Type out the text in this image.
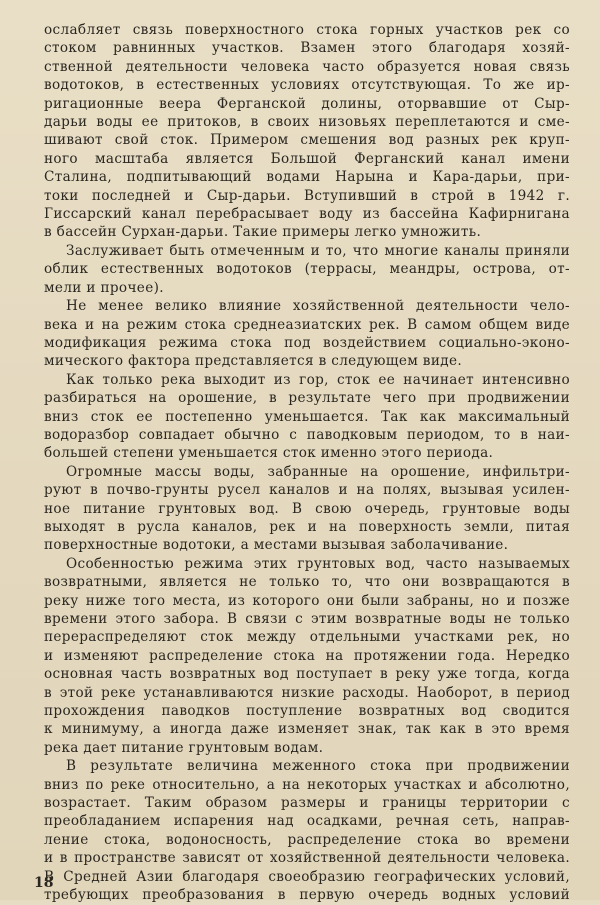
ослабляет связь поверхностного стока горных участков рек со
стоком равнинных участков. Взамен этого благодаря хозяй-
ственной деятельности человека часто образуется новая связь
водотоков, в естественных условиях отсутствующая. То же ир-
ригационные веера Ферганской долины, оторвавшие от Сыр-
дарьи воды ее притоков, в своих низовьях переплетаются и сме-
шивают свой сток. Примером смешения вод разных рек круп-
ного масштаба является Большой Ферганский канал имени
Сталина, подпитывающий водами Нарына и Кара-дарьи, при-
токи последней и Сыр-дарьи. Вступивший в строй в 1942 г.
Гиссарский канал перебрасывает воду из бассейна Кафирнигана
в бассейн Сурхан-дарьи. Такие примеры легко умножить.
Заслуживает быть отмеченным и то, что многие каналы приняли
облик естественных водотоков (террасы, меандры, острова, от-
мели и прочее).
Не менее велико влияние хозяйственной деятельности чело-
века и на режим стока среднеазиатских рек. В самом общем виде
модификация режима стока под воздействием социально-эконо-
мического фактора представляется в следующем виде.
Как только река выходит из гор, сток ее начинает интенсивно
разбираться на орошение, в результате чего при продвижении
вниз сток ее постепенно уменьшается. Так как максимальный
водоразбор совпадает обычно с паводковым периодом, то в наи-
большей степени уменьшается сток именно этого периода.
Огромные массы воды, забранные на орошение, инфильтри-
руют в почво-грунты русел каналов и на полях, вызывая усилен-
ное питание грунтовых вод. В свою очередь, грунтовые воды
выходят в русла каналов, рек и на поверхность земли, питая
поверхностные водотоки, а местами вызывая заболачивание.
Особенностью режима этих грунтовых вод, часто называемых
возвратными, является не только то, что они возвращаются в
реку ниже того места, из которого они были забраны, но и позже
времени этого забора. В связи с этим возвратные воды не только
перераспределяют сток между отдельными участками рек, но
и изменяют распределение стока на протяжении года. Нередко
основная часть возвратных вод поступает в реку уже тогда, когда
в этой реке устанавливаются низкие расходы. Наоборот, в период
прохождения паводков поступление возвратных вод сводится
к минимуму, а иногда даже изменяет знак, так как в это время
река дает питание грунтовым водам.
В результате величина меженного стока при продвижении
вниз по реке относительно, а на некоторых участках и абсолютно,
возрастает. Таким образом размеры и границы территории с
преобладанием испарения над осадками, речная сеть, направ-
ление стока, водоносность, распределение стока во времени
и в пространстве зависят от хозяйственной деятельности человека.
В Средней Азии благодаря своеобразию географических условий,
требующих преобразования в первую очередь водных условий
18
